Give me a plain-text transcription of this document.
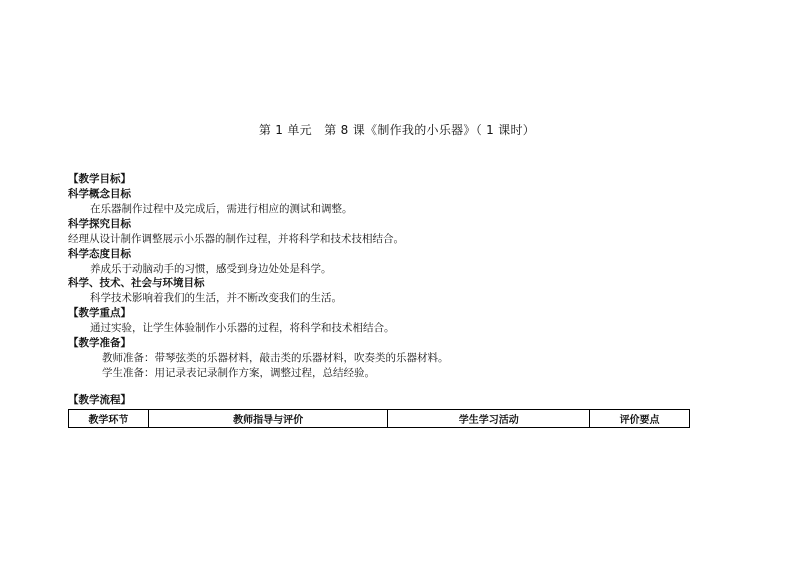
第 1 单元　第 8 课《制作我的小乐器》（ 1 课时）
【教学目标】
科学概念目标
在乐器制作过程中及完成后，需进行相应的测试和调整。
科学探究目标
经理从设计制作调整展示小乐器的制作过程，并将科学和技术技相结合。
科学态度目标
养成乐于动脑动手的习惯，感受到身边处处是科学。
科学、技术、社会与环境目标
科学技术影响着我们的生活，并不断改变我们的生活。
【教学重点】
通过实验，让学生体验制作小乐器的过程，将科学和技术相结合。
【教学准备】
教师准备：带琴弦类的乐器材料，敲击类的乐器材料，吹奏类的乐器材料。
学生准备：用记录表记录制作方案，调整过程，总结经验。
【教学流程】
教学环节	教师指导与评价	学生学习活动	评价要点
